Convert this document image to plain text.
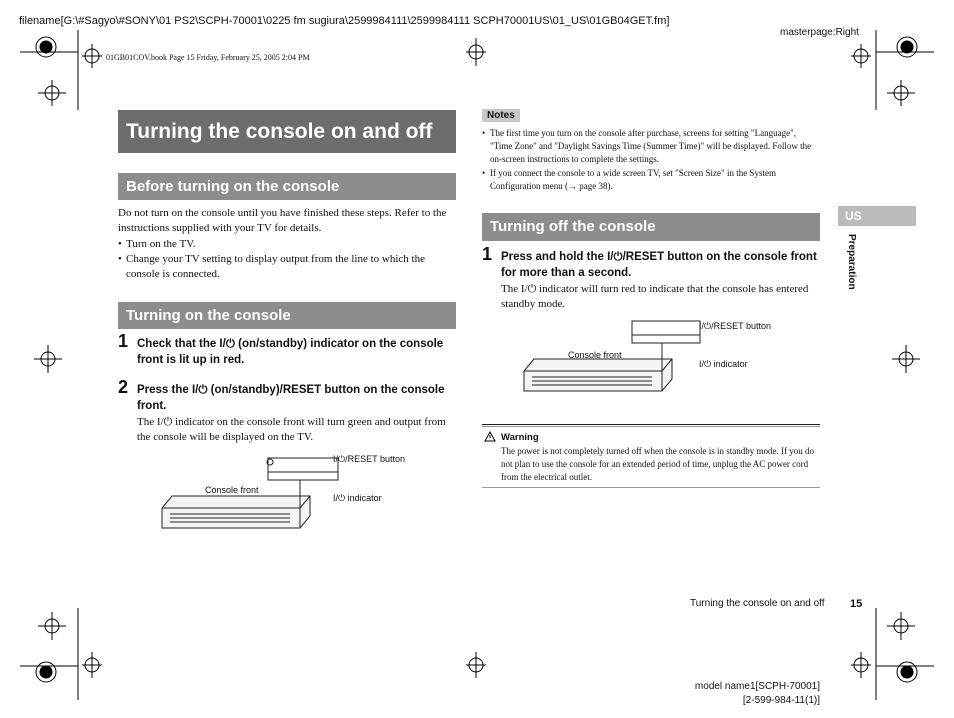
filename[G:\#Sagyo\#SONY\01 PS2\SCPH-70001\0225 fm sugiura\2599984111\2599984111 SCPH70001US\01_US\01GB04GET.fm]
01GB01COV.book Page 15 Friday, February 25, 2005 2:04 PM
masterpage:Right
Turning the console on and off
Before turning on the console
Do not turn on the console until you have finished these steps. Refer to the instructions supplied with your TV for details.
• Turn on the TV.
• Change your TV setting to display output from the line to which the console is connected.
Turning on the console
1 Check that the I/⏻ (on/standby) indicator on the console front is lit up in red.
2 Press the I/⏻ (on/standby)/RESET button on the console front.
The I/⏻ indicator on the console front will turn green and output from the console will be displayed on the TV.
I/⏻/RESET button
Console front
I/⏻ indicator
Notes
• The first time you turn on the console after purchase, screens for setting "Language", "Time Zone" and "Daylight Savings Time (Summer Time)" will be displayed. Follow the on-screen instructions to complete the settings.
• If you connect the console to a wide screen TV, set "Screen Size" in the System Configuration menu (→ page 38).
Turning off the console
1 Press and hold the I/⏻/RESET button on the console front for more than a second.
The I/⏻ indicator will turn red to indicate that the console has entered standby mode.
I/⏻/RESET button
Console front
I/⏻ indicator
Warning
The power is not completely turned off when the console is in standby mode. If you do not plan to use the console for an extended period of time, unplug the AC power cord from the electrical outlet.
US
Preparation
Turning the console on and off 15
model name1[SCPH-70001]
[2-599-984-11(1)]
